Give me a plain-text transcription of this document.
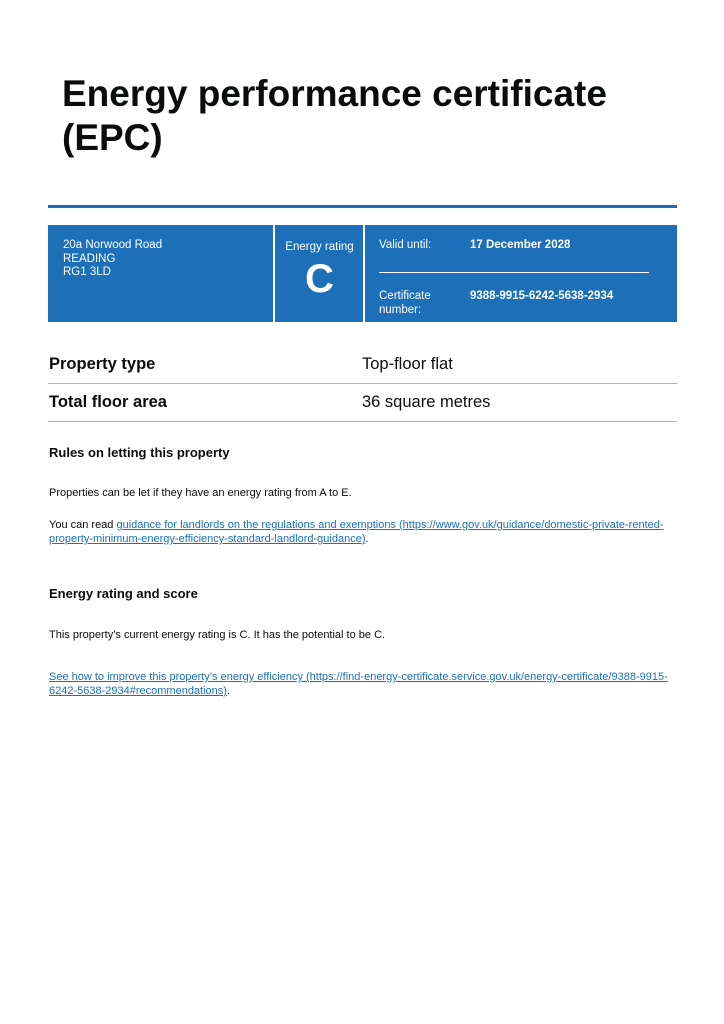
Energy performance certificate (EPC)
20a Norwood Road
READING
RG1 3LD
Energy rating
C
Valid until:	17 December 2028
Certificate number:
9388-9915-6242-5638-2934
Property type	Top-floor flat
Total floor area	36 square metres
Rules on letting this property

Properties can be let if they have an energy rating from A to E.

You can read guidance for landlords on the regulations and exemptions (https://www.gov.uk/guidance/domestic-private-rented-property-minimum-energy-efficiency-standard-landlord-guidance).

Energy rating and score

This property’s current energy rating is C. It has the potential to be C.

See how to improve this property’s energy efficiency (https://find-energy-certificate.service.gov.uk/energy-certificate/9388-9915-6242-5638-2934#recommendations).
